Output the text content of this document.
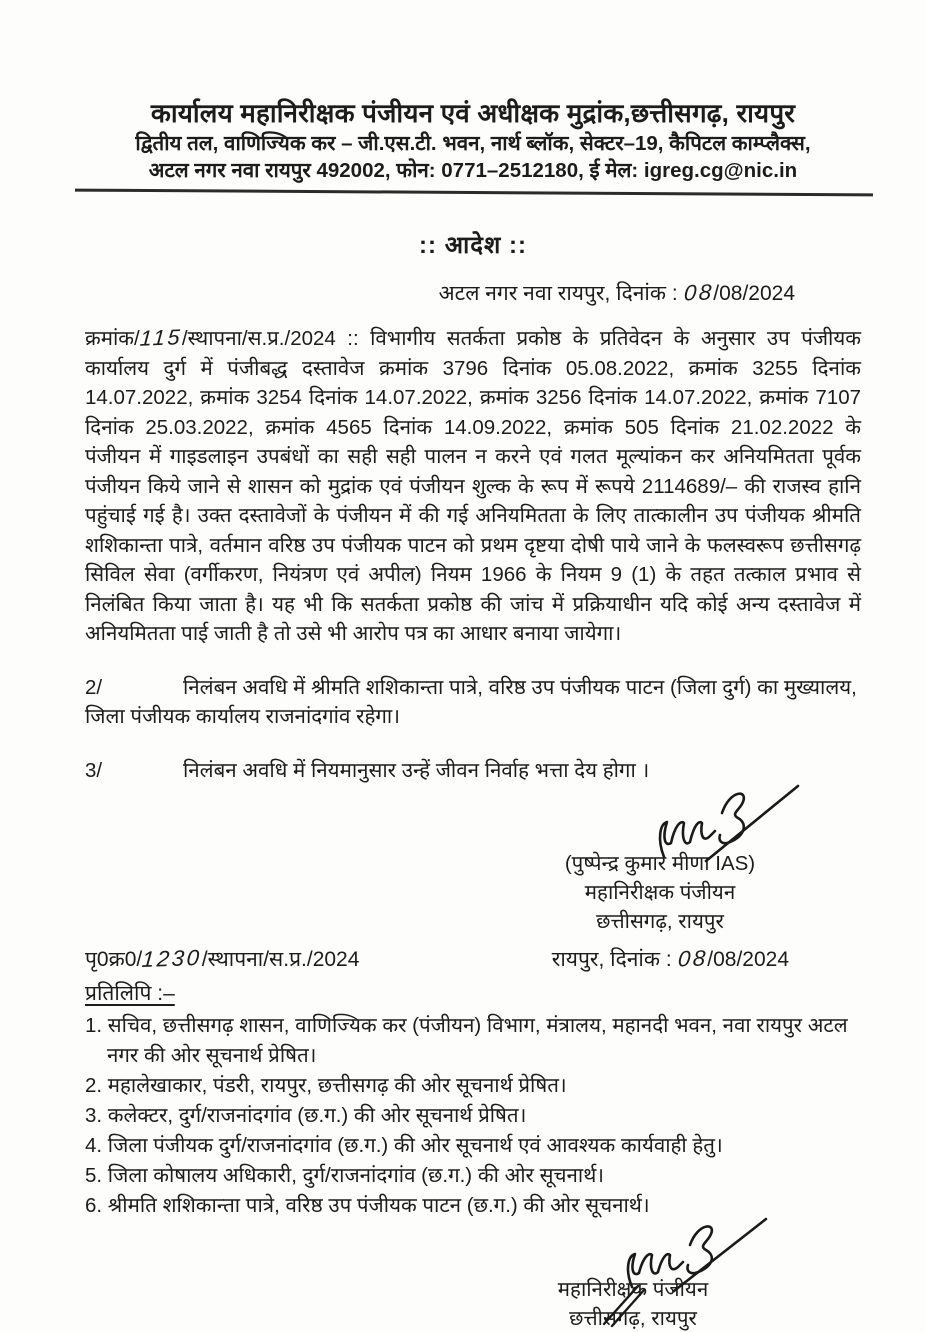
कार्यालय महानिरीक्षक पंजीयन एवं अधीक्षक मुद्रांक,छत्तीसगढ़, रायपुर
द्वितीय तल, वाणिज्यिक कर – जी.एस.टी. भवन, नार्थ ब्लॉक, सेक्टर–19, कैपिटल काम्प्लैक्स,
अटल नगर नवा रायपुर 492002, फोन: 0771–2512180, ई मेल: igreg.cg@nic.in
:: आदेश ::
अटल नगर नवा रायपुर, दिनांक : 08/08/2024

क्रमांक/115/स्थापना/स.प्र./2024 :: विभागीय सतर्कता प्रकोष्ठ के प्रतिवेदन के अनुसार उप पंजीयक कार्यालय दुर्ग में पंजीबद्ध दस्तावेज क्रमांक 3796 दिनांक 05.08.2022, क्रमांक 3255 दिनांक 14.07.2022, क्रमांक 3254 दिनांक 14.07.2022, क्रमांक 3256 दिनांक 14.07.2022, क्रमांक 7107 दिनांक 25.03.2022, क्रमांक 4565 दिनांक 14.09.2022, क्रमांक 505 दिनांक 21.02.2022 के पंजीयन में गाइडलाइन उपबंधों का सही सही पालन न करने एवं गलत मूल्यांकन कर अनियमितता पूर्वक पंजीयन किये जाने से शासन को मुद्रांक एवं पंजीयन शुल्क के रूप में रूपये 2114689/– की राजस्व हानि पहुंचाई गई है। उक्त दस्तावेजों के पंजीयन में की गई अनियमितता के लिए तात्कालीन उप पंजीयक श्रीमति शशिकान्ता पात्रे, वर्तमान वरिष्ठ उप पंजीयक पाटन को प्रथम दृष्टया दोषी पाये जाने के फलस्वरूप छत्तीसगढ़ सिविल सेवा (वर्गीकरण, नियंत्रण एवं अपील) नियम 1966 के नियम 9 (1) के तहत तत्काल प्रभाव से निलंबित किया जाता है। यह भी कि सतर्कता प्रकोष्ठ की जांच में प्रक्रियाधीन यदि कोई अन्य दस्तावेज में अनियमितता पाई जाती है तो उसे भी आरोप पत्र का आधार बनाया जायेगा।

2/	निलंबन अवधि में श्रीमति शशिकान्ता पात्रे, वरिष्ठ उप पंजीयक पाटन (जिला दुर्ग) का मुख्यालय, जिला पंजीयक कार्यालय राजनांदगांव रहेगा।
3/	निलंबन अवधि में नियमानुसार उन्हें जीवन निर्वाह भत्ता देय होगा ।
(पुष्पेन्द्र कुमार मीणा IAS)
महानिरीक्षक पंजीयन
छत्तीसगढ़, रायपुर
पृ0क्र0/1230/स्थापना/स.प्र./2024	रायपुर, दिनांक : 08/08/2024
प्रतिलिपि :–
1. सचिव, छत्तीसगढ़ शासन, वाणिज्यिक कर (पंजीयन) विभाग, मंत्रालय, महानदी भवन, नवा रायपुर अटल नगर की ओर सूचनार्थ प्रेषित।
2. महालेखाकार, पंडरी, रायपुर, छत्तीसगढ़ की ओर सूचनार्थ प्रेषित।
3. कलेक्टर, दुर्ग/राजनांदगांव (छ.ग.) की ओर सूचनार्थ प्रेषित।
4. जिला पंजीयक दुर्ग/राजनांदगांव (छ.ग.) की ओर सूचनार्थ एवं आवश्यक कार्यवाही हेतु।
5. जिला कोषालय अधिकारी, दुर्ग/राजनांदगांव (छ.ग.) की ओर सूचनार्थ।
6. श्रीमति शशिकान्ता पात्रे, वरिष्ठ उप पंजीयक पाटन (छ.ग.) की ओर सूचनार्थ।
महानिरीक्षक पंजीयन
छत्तीसगढ़, रायपुर
